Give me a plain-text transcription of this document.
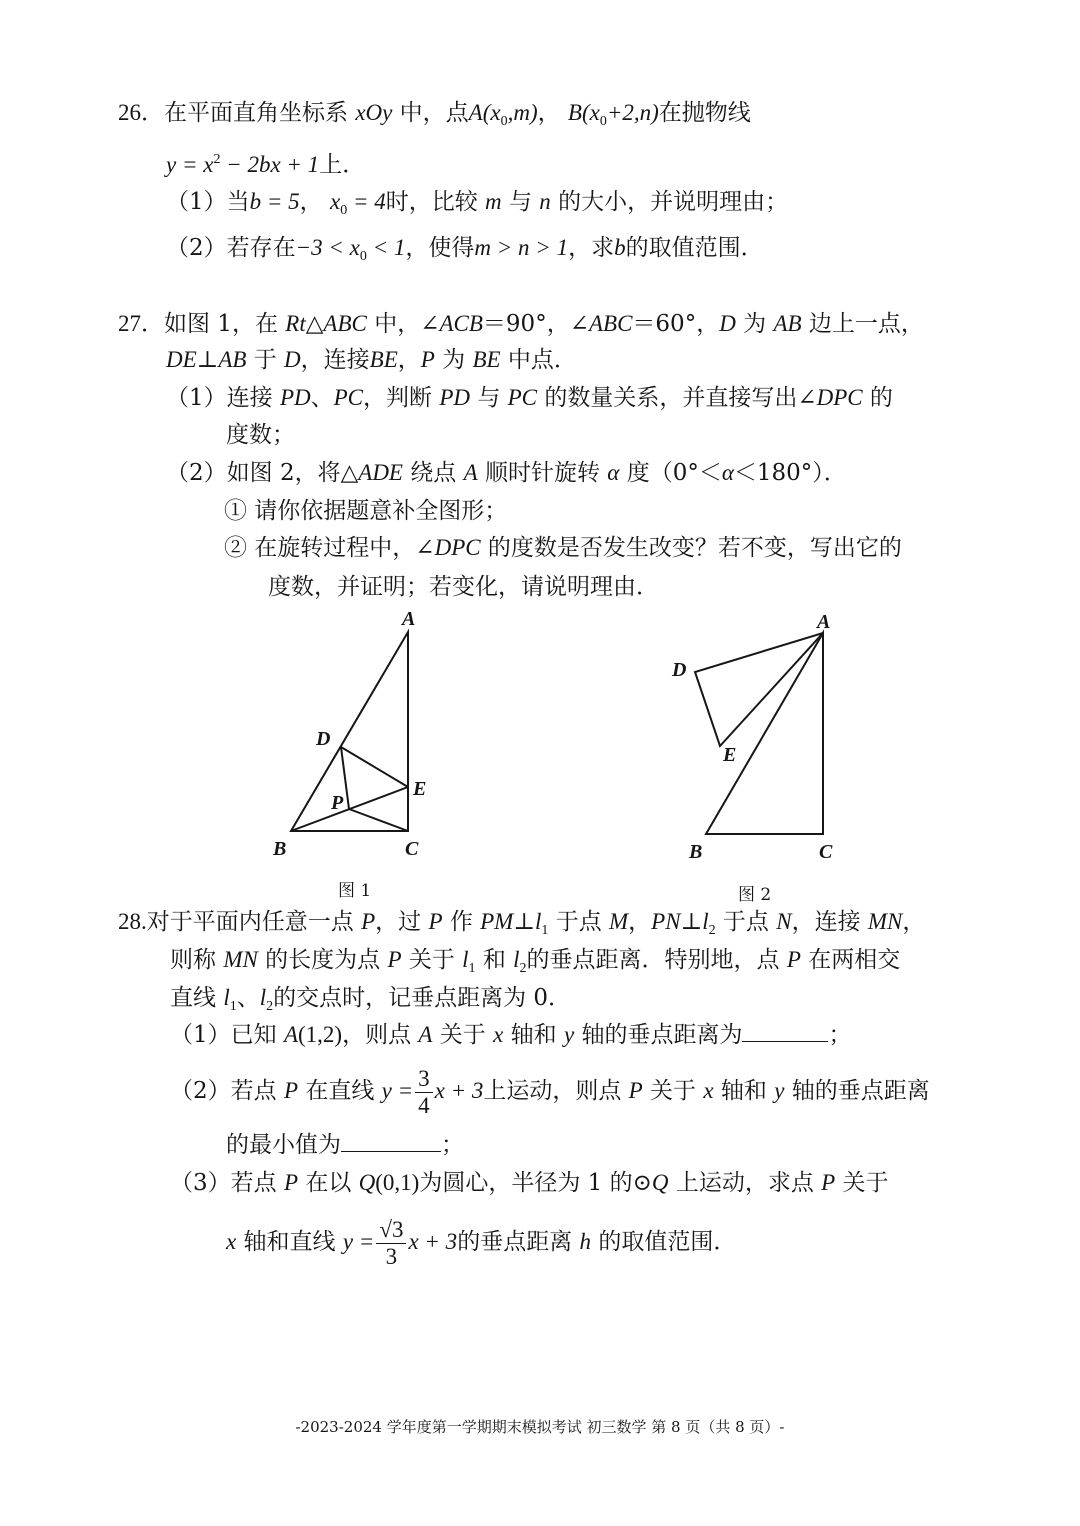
26．在平面直角坐标系 xOy 中，点$A(x_0,m)$， $B(x_0+2,n)$在抛物线
$y = x^2 - 2bx + 1$上．
（1）当b = 5， $x_0 = 4$时，比较 m 与 n 的大小，并说明理由；
（2）若存在$-3 < x_0 < 1$，使得m > n > 1，求b的取值范围．
27．如图 1，在 Rt△ABC 中，∠ACB＝90°，∠ABC＝60°，D 为 AB 边上一点，
DE⊥AB 于 D，连接BE，P 为 BE 中点．
（1）连接 PD、PC，判断 PD 与 PC 的数量关系，并直接写出∠DPC 的
度数；
（2）如图 2，将△ADE 绕点 A 顺时针旋转 α 度（0°＜α＜180°）．
① 请你依据题意补全图形；
② 在旋转过程中，∠DPC 的度数是否发生改变？若不变，写出它的
度数，并证明；若变化，请说明理由．
A
B	C
D
E
P
图 1
A
B	C
D
E
图 2
28.对于平面内任意一点 P，过 P 作 $PM\perp l_1$ 于点 M，$PN\perp l_2$ 于点 N，连接 MN，
则称 MN 的长度为点 P 关于 $l_1$ 和 $l_2$的垂点距离．特别地，点 P 在两相交
直线 $l_1$、$l_2$的交点时，记垂点距离为 0．
（1）已知 A(1,2)，则点 A 关于 x 轴和 y 轴的垂点距离为	；
（2）若点 P 在直线 $y = \frac{3}{4}$ x + 3上运动，则点 P 关于 x 轴和 y 轴的垂点距离
的最小值为	；
（3）若点 P 在以 Q(0,1)为圆心，半径为 1 的⊙Q 上运动，求点 P 关于
x 轴和直线 $y = \frac{√3}{3}$ x + 3的垂点距离 h 的取值范围．
-2023-2024 学年度第一学期期末模拟考试 初三数学 第 8 页（共 8 页）-
